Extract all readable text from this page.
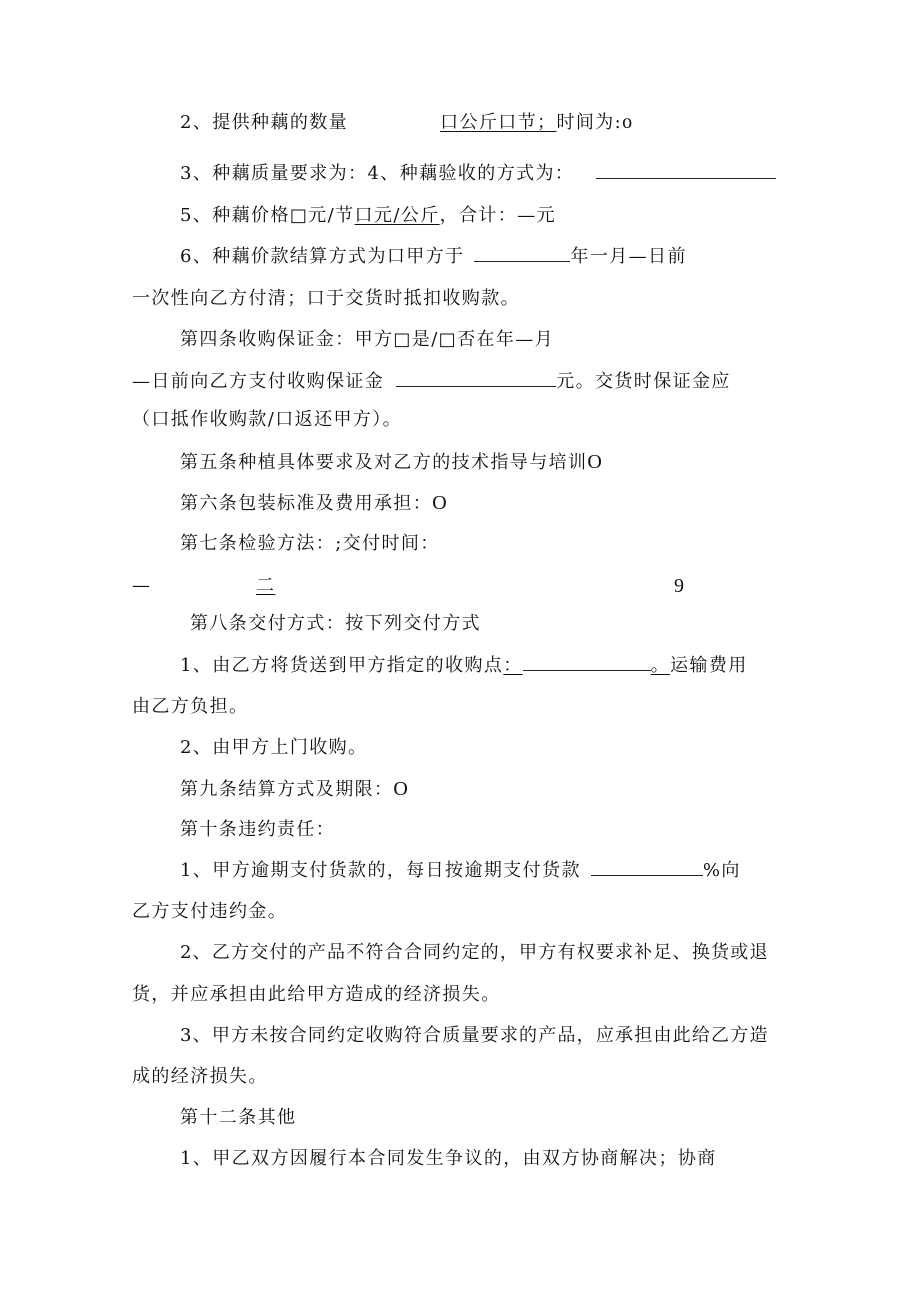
2、提供种藕的数量	口公斤口节；时间为:o
3、种藕质量要求为：4、种藕验收的方式为：
5、种藕价格□元/节口元/公斤，合计：—元
6、种藕价款结算方式为口甲方于	年一月—日前
一次性向乙方付清；口于交货时抵扣收购款。
第四条收购保证金：甲方□是/□否在年—月
—日前向乙方支付收购保证金	元。交货时保证金应
（口抵作收购款/口返还甲方）。
第五条种植具体要求及对乙方的技术指导与培训O
第六条包装标准及费用承担：O
第七条检验方法：;交付时间：
—	二	9
第八条交付方式：按下列交付方式
1、由乙方将货送到甲方指定的收购点：	。运输费用
由乙方负担。
2、由甲方上门收购。
第九条结算方式及期限：O
第十条违约责任：
1、甲方逾期支付货款的，每日按逾期支付货款	%向
乙方支付违约金。
2、乙方交付的产品不符合合同约定的，甲方有权要求补足、换货或退
货，并应承担由此给甲方造成的经济损失。
3、甲方未按合同约定收购符合质量要求的产品，应承担由此给乙方造
成的经济损失。
第十二条其他
1、甲乙双方因履行本合同发生争议的，由双方协商解决；协商
